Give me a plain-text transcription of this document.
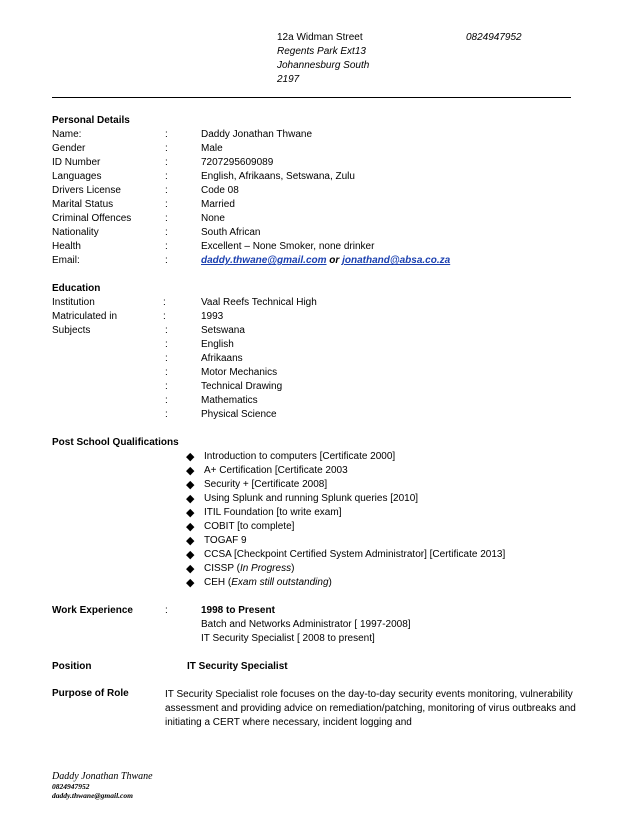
12a Widman Street
Regents Park Ext13
Johannesburg South
2197
0824947952
Personal Details
Name:	:	Daddy Jonathan Thwane
Gender	:	Male
ID Number	:	7207295609089
Languages	:	English, Afrikaans, Setswana, Zulu
Drivers License	:	Code 08
Marital Status	:	Married
Criminal Offences	:	None
Nationality	:	South African
Health	:	Excellent – None Smoker, none drinker
Email:	:	daddy.thwane@gmail.com or jonathand@absa.co.za
Education
Institution	:	Vaal Reefs Technical High
Matriculated in	:	1993
Subjects	:	Setswana
:	English
:	Afrikaans
:	Motor Mechanics
:	Technical Drawing
:	Mathematics
:	Physical Science
Post School Qualifications
◆ Introduction to computers [Certificate 2000]
◆ A+ Certification [Certificate 2003
◆ Security + [Certificate 2008]
◆ Using Splunk and running Splunk queries [2010]
◆ ITIL Foundation [to write exam]
◆ COBIT [to complete]
◆ TOGAF 9
◆ CCSA [Checkpoint Certified System Administrator] [Certificate 2013]
◆ CISSP (In Progress)
◆ CEH (Exam still outstanding)
Work Experience	:	1998 to Present
Batch and Networks Administrator [ 1997-2008]
IT Security Specialist [ 2008 to present]
Position	IT Security Specialist
Purpose of Role	IT Security Specialist role focuses on the day-to-day security events monitoring, vulnerability assessment and providing advice on remediation/patching, monitoring of virus outbreaks and initiating a CERT where necessary, incident logging and
Daddy Jonathan Thwane
0824947952
daddy.thwane@gmail.com
